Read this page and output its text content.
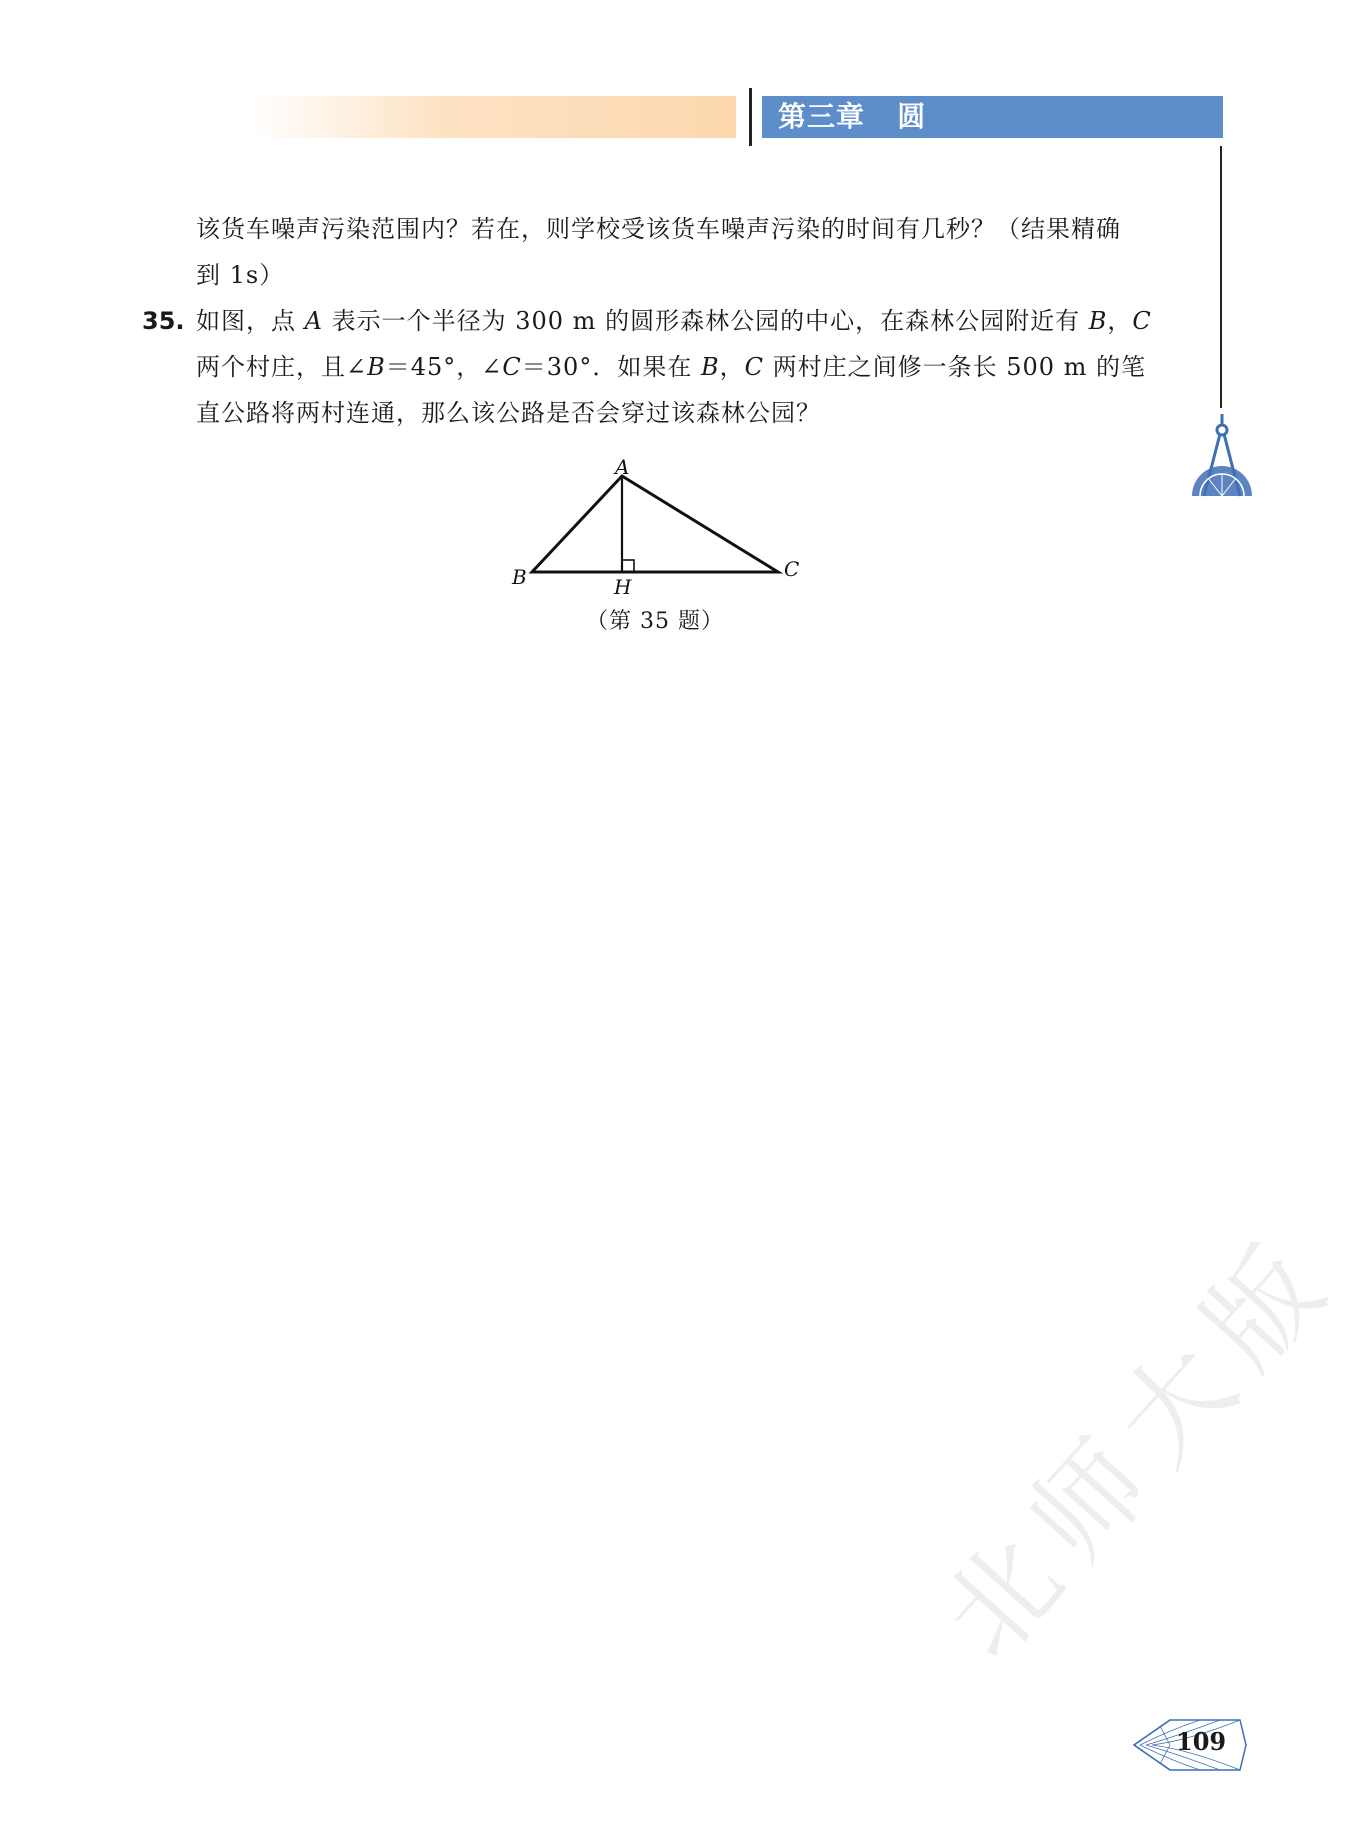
第三章   圆
该货车噪声污染范围内？若在，则学校受该货车噪声污染的时间有几秒？（结果精确
到 1s）
35. 如图，点 A 表示一个半径为 300 m 的圆形森林公园的中心，在森林公园附近有 B，C
两个村庄，且∠B＝45°，∠C＝30°．如果在 B，C 两村庄之间修一条长 500 m 的笔
直公路将两村连通，那么该公路是否会穿过该森林公园？
A
B	C
H
（第 35 题）
北师大版
109
